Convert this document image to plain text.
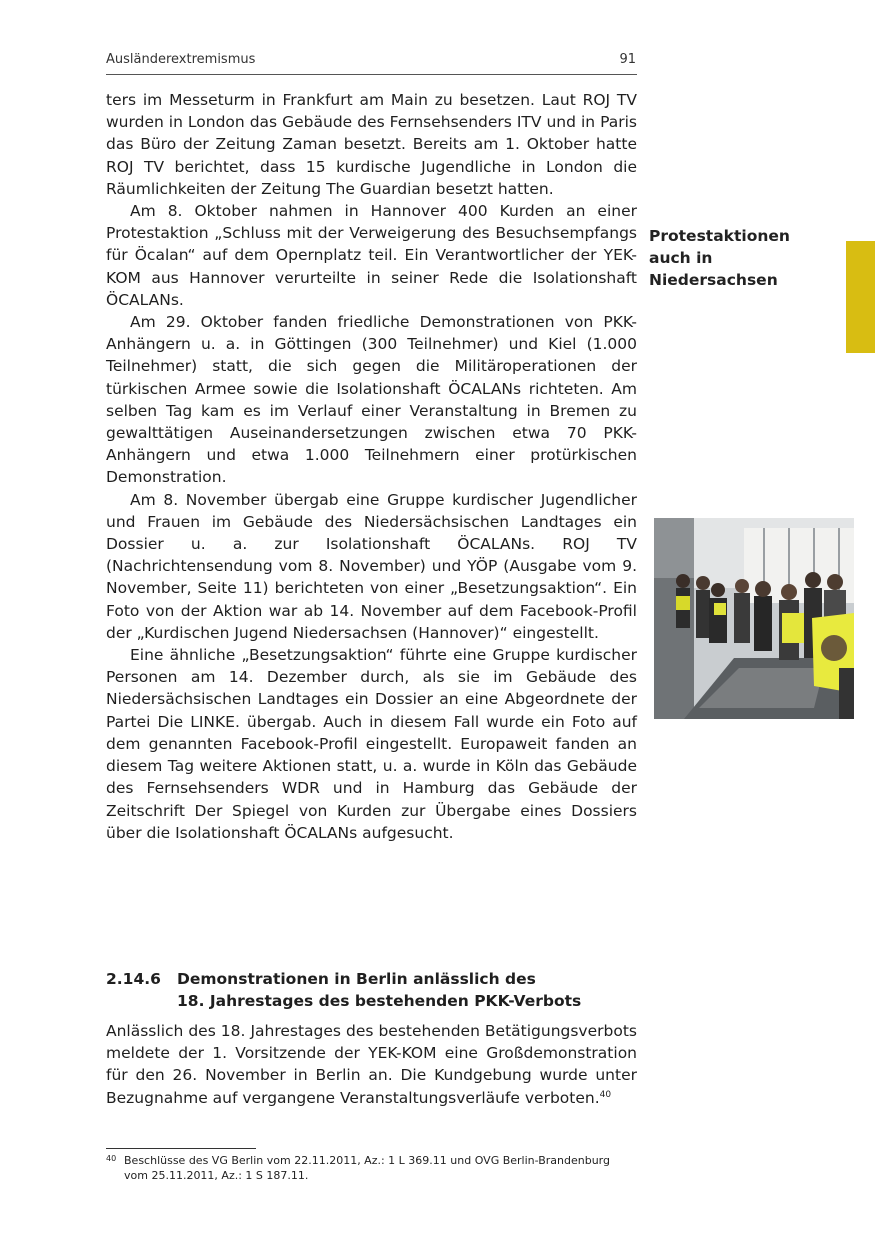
Ausländerextremismus	91

ters im Messeturm in Frankfurt am Main zu besetzen. Laut ROJ TV wurden in London das Gebäude des Fernsehsenders ITV und in Paris das Büro der Zeitung Zaman besetzt. Bereits am 1. Oktober hatte ROJ TV berichtet, dass 15 kurdische Jugendliche in London die Räumlichkeiten der Zeitung The Guardian besetzt hatten.

Am 8. Oktober nahmen in Hannover 400 Kurden an einer Protestaktion „Schluss mit der Verweigerung des Besuchsempfangs für Öcalan“ auf dem Opernplatz teil. Ein Verantwortlicher der YEK-KOM aus Hannover verurteilte in seiner Rede die Isolationshaft ÖCALANs.

Am 29. Oktober fanden friedliche Demonstrationen von PKK-Anhängern u. a. in Göttingen (300 Teilnehmer) und Kiel (1.000 Teilnehmer) statt, die sich gegen die Militäroperationen der türkischen Armee sowie die Isolationshaft ÖCALANs richteten. Am selben Tag kam es im Verlauf einer Veranstaltung in Bremen zu gewalttätigen Auseinandersetzungen zwischen etwa 70 PKK-Anhängern und etwa 1.000 Teilnehmern einer protürkischen Demonstration.

Am 8. November übergab eine Gruppe kurdischer Jugendlicher und Frauen im Gebäude des Niedersächsischen Landtages ein Dossier u. a. zur Isolationshaft ÖCALANs. ROJ TV (Nachrichtensendung vom 8. November) und YÖP (Ausgabe vom 9. November, Seite 11) berichteten von einer „Besetzungsaktion“. Ein Foto von der Aktion war ab 14. November auf dem Facebook-Profil der „Kurdischen Jugend Niedersachsen (Hannover)“ eingestellt.

Eine ähnliche „Besetzungsaktion“ führte eine Gruppe kurdischer Personen am 14. Dezember durch, als sie im Gebäude des Niedersächsischen Landtages ein Dossier an eine Abgeordnete der Partei Die LINKE. übergab. Auch in diesem Fall wurde ein Foto auf dem genannten Facebook-Profil eingestellt. Europaweit fanden an diesem Tag weitere Aktionen statt, u. a. wurde in Köln das Gebäude des Fernsehsenders WDR und in Hamburg das Gebäude der Zeitschrift Der Spiegel von Kurden zur Übergabe eines Dossiers über die Isolationshaft ÖCALANs aufgesucht.

Protestaktionen
auch in
Niedersachsen
2.14.6 Demonstrationen in Berlin anlässlich des
18. Jahrestages des bestehenden PKK-Verbots

Anlässlich des 18. Jahrestages des bestehenden Betätigungsverbots meldete der 1. Vorsitzende der YEK-KOM eine Großdemonstration für den 26. November in Berlin an. Die Kundgebung wurde unter Bezugnahme auf vergangene Veranstaltungsverläufe verboten.$^{40}$

40 Beschlüsse des VG Berlin vom 22.11.2011, Az.: 1 L 369.11 und OVG Berlin-Brandenburg vom 25.11.2011, Az.: 1 S 187.11.
